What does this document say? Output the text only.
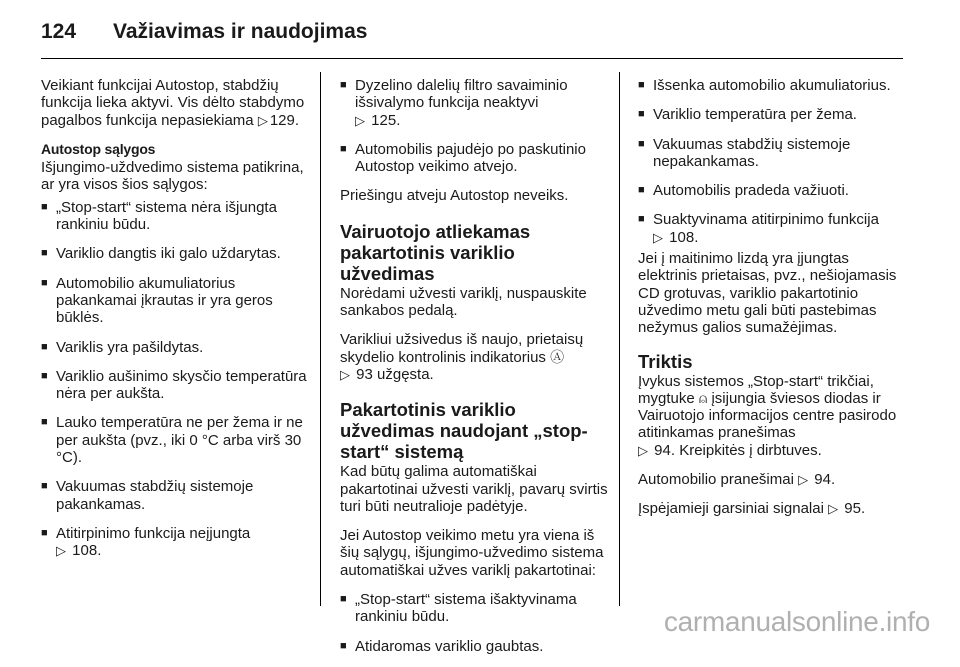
124 Važiavimas ir naudojimas

Veikiant funkcijai Autostop, stabdžių funkcija lieka aktyvi. Vis dėlto stabdymo pagalbos funkcija nepasiekiama ▷ 129.

Autostop sąlygos

Išjungimo-uždvedimo sistema patikrina, ar yra visos šios sąlygos:

■ „Stop-start“ sistema nėra išjungta rankiniu būdu.
■ Variklio dangtis iki galo uždarytas.
■ Automobilio akumuliatorius pakankamai įkrautas ir yra geros būklės.
■ Variklis yra pašildytas.
■ Variklio aušinimo skysčio temperatūra nėra per aukšta.
■ Lauko temperatūra ne per žema ir ne per aukšta (pvz., iki 0 °C arba virš 30 °C).
■ Vakuumas stabdžių sistemoje pakankamas.
■ Atitirpinimo funkcija neįjungta
▷ 108.
■ Dyzelino dalelių filtro savaiminio išsivalymo funkcija neaktyvi
▷ 125.
■ Automobilis pajudėjo po paskutinio Autostop veikimo atvejo.

Priešingu atveju Autostop neveiks.

Vairuotojo atliekamas pakartotinis variklio užvedimas

Norėdami užvesti variklį, nuspauskite sankabos pedalą.

Varikliui užsivedus iš naujo, prietaisų skydelio kontrolinis indikatorius Ⓐ
▷ 93 užgęsta.

Pakartotinis variklio užvedimas naudojant „stop-start“ sistemą

Kad būtų galima automatiškai pakartotinai užvesti variklį, pavarų svirtis turi būti neutralioje padėtyje.

Jei Autostop veikimo metu yra viena iš šių sąlygų, išjungimo-užvedimo sistema automatiškai užves variklį pakartotinai:

■ „Stop-start“ sistema išaktyvinama rankiniu būdu.
■ Atidaromas variklio gaubtas.
■ Išsenka automobilio akumuliatorius.
■ Variklio temperatūra per žema.
■ Vakuumas stabdžių sistemoje nepakankamas.
■ Automobilis pradeda važiuoti.
■ Suaktyvinama atitirpinimo funkcija
▷ 108.

Jei į maitinimo lizdą yra įjungtas elektrinis prietaisas, pvz., nešiojamasis CD grotuvas, variklio pakartotinio užvedimo metu gali būti pastebimas nežymus galios sumažėjimas.

Triktis

Įvykus sistemos „Stop-start“ trikčiai, mygtuke ⍝ įsijungia šviesos diodas ir Vairuotojo informacijos centre pasirodo atitinkamas pranešimas
▷ 94. Kreipkitės į dirbtuves.

Automobilio pranešimai ▷ 94.

Įspėjamieji garsiniai signalai ▷ 95.

carmanualsonline.info
